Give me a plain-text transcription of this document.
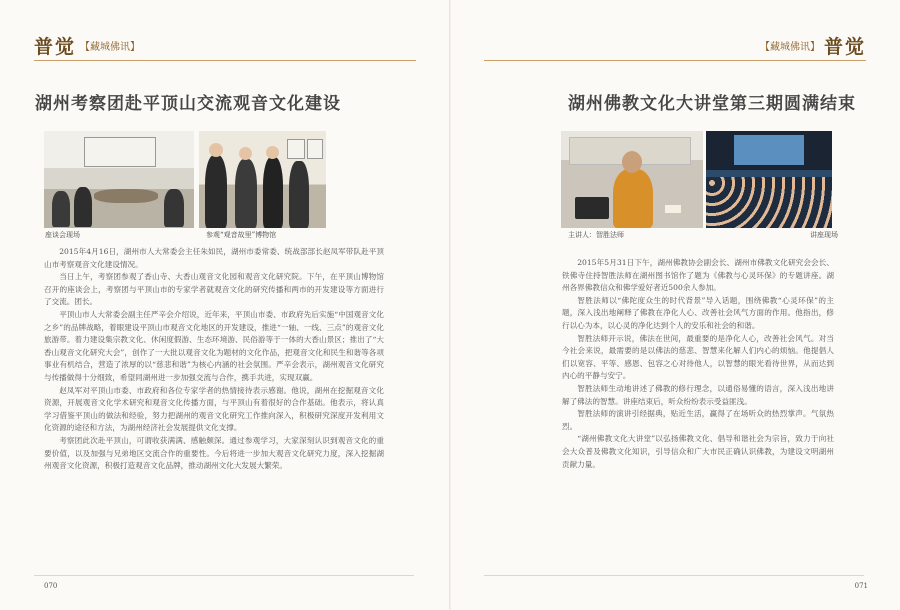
普觉 【藏城佛讯】
湖州考察团赴平顶山交流观音文化建设
座谈会现场	参观“观音故里”博物馆

2015年4月16日，湖州市人大常委会主任朱如民，湖州市委常委、统战部部长赵凤军带队赴平顶山市考察观音文化建设情况。

当日上午，考察团参观了香山寺、大香山观音文化园和观音文化研究院。下午，在平顶山博物馆召开的座谈会上，考察团与平顶山市的专家学者就观音文化的研究传播和两市的开发建设等方面进行了交流。团长。

平顶山市人大常委会副主任严辛会介绍说，近年来，平顶山市委、市政府先后实施“中国观音文化之乡”的品牌战略，着眼建设平顶山市观音文化地区的开发建设，推进“一轴、一线、三点”的观音文化旅游带。着力建设集宗教文化、休闲度假游、生态环境游、民俗游等于一体的大香山景区；推出了“大香山观音文化研究大会”，创作了一大批以观音文化为题材的文化作品，把观音文化和民生和谐等各项事业有机结合，营造了浓厚的以“慈悲和谐”为核心内涵的社会氛围。严辛会表示，湖州观音文化研究与传播做得十分细致，希望同湖州进一步加强交流与合作，携手共进，实现双赢。

赵凤军对平顶山市委、市政府和各位专家学者的热情接待表示感谢。他说，湖州在挖掘观音文化资源，开展观音文化学术研究和观音文化传播方面，与平顶山有着很好的合作基础。他表示，将认真学习借鉴平顶山的做法和经验，努力把湖州的观音文化研究工作推向深入，积极研究深度开发利用文化资源的途径和方法，为湖州经济社会发展提供文化支撑。

考察团此次赴平顶山，可谓收获满满、感触颇深。通过参观学习，大家深刻认识到观音文化的重要价值，以及加强与兄弟地区交流合作的重要性。今后将进一步加大观音文化研究力度，深入挖掘湖州观音文化资源，积极打造观音文化品牌，推动湖州文化大发展大繁荣。

070
【藏城佛讯】 普觉
湖州佛教文化大讲堂第三期圆满结束
主讲人：智胜法师	讲座现场

2015年5月31日下午，湖州佛教协会副会长、湖州市佛教文化研究会会长、铁佛寺住持智胜法师在湖州图书馆作了题为《佛教与心灵环保》的专题讲座。湖州各界佛教信众和佛学爱好者近500余人参加。

智胜法师以“佛陀度众生的时代背景”导入话题，围绕佛教“心灵环保”的主题，深入浅出地阐释了佛教在净化人心、改善社会风气方面的作用。他指出，修行以心为本，以心灵的净化达到个人的安乐和社会的和谐。

智胜法师开示说，佛法在世间，最重要的是净化人心，改善社会风气。对当今社会来说，最需要的是以佛法的慈悲、智慧来化解人们内心的烦恼。他提倡人们以宽容、平等、感恩、包容之心对待他人，以智慧的眼光看待世界，从而达到内心的平静与安宁。

智胜法师生动地讲述了佛教的修行理念，以通俗易懂的语言，深入浅出地讲解了佛法的智慧。讲座结束后，听众纷纷表示受益匪浅。

智胜法师的演讲引经据典，贴近生活，赢得了在场听众的热烈掌声。气氛热烈。

“湖州佛教文化大讲堂”以弘扬佛教文化、倡导和谐社会为宗旨，致力于向社会大众普及佛教文化知识，引导信众和广大市民正确认识佛教，为建设文明湖州贡献力量。

071
